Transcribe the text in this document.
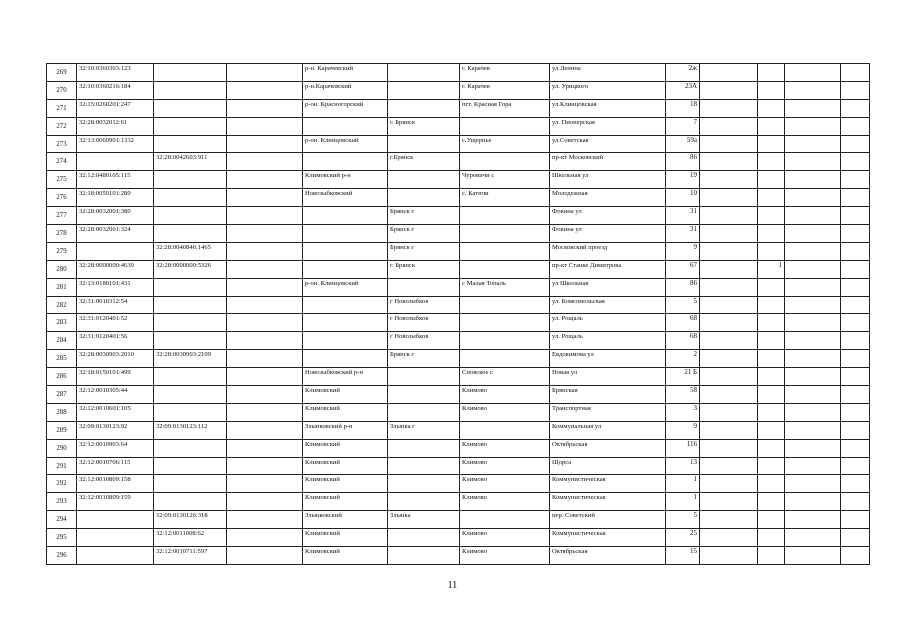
269	32:10:0360303:123			р-н. Карачевский		г. Карачев	ул.Ленина	2ж				
270	32:10:0360216:184			р-н.Карачевский		г. Карачев	ул. Урицкого	23А				
271	32:15:0260201:247			р-он. Красногорский		пгт. Красная Гора	ул.Клинцовская	18				
272	32:28:0032012:61				г. Брянск		ул. Пионерская	7				
273	32:13:0060901:1332			р-он. Клинцовский		с.Ущерпье	ул.Советская	59а				
274		32:28:0042603:911			г.Брянск		пр-кт Московский	86				
275	32:12:0480105:115			Климовский р-н		Чуровичи с	Школьная ул	19				
276	32:18:0050101:280			Новозыбковский		с. Катичи	Молодежная	10				
277	32:28:0032001:380				Брянск г		Фокина ул	31				
278	32:28:0032001:324				Брянск г		Фокина ул	31				
279		32:28:0040846:1465			Брянск г		Московский проезд	9				
280	32:28:0000000:4639	32:28:0000000:5326			г. Брянск		пр-кт Станке Димитрова	67		1		
281	32:13:0180101:431			р-он. Клинцовский		с Малая Топаль	ул Школьная	86				
282	32:31:0010312:54				г Новозыбков		ул. Комсомольская	5				
283	32:31:0120401:52				г Новозыбков		ул. Рощаль	68				
284	32:31:0120401:56				г Новозыбков		ул. Рощаль	68				
285	32:28:0030903:2010	32:28:0030903:2109			Брянск г		Евдокимова ул	2				
286	32:18:0150101:499			Новозыбковский р-н		Сновское с	Новая ул	21 Б				
287	32:12:0010305:44			Климовский		Климово	Брянская	58				
288	32:12:0010601:105			Климовский		Климово	Транспортная	3				
289	32:09:0130123:92	32:09:0130123:112		Злынковский р-н	Злынка г		Коммунальная ул	9				
290	32:12:0010903:64			Климовский		Климово	Октябрьская	116				
291	32:12:0010706:115			Климовский		Климово	Щорса	13				
292	32:12:0010809:158			Климовский		Климово	Коммунистическая	1				
293	32:12:0010809:159			Климовский		Климово	Коммунистическая	1				
294		32:09:0130126:318		Злынковский	Злынка		пер. Советский	5				
295		32:12:0011008:62		Климовский		Климово	Коммунистическая	25				
296		32:12:0010711:597		Климовский		Климово	Октябрьская	15				
11
